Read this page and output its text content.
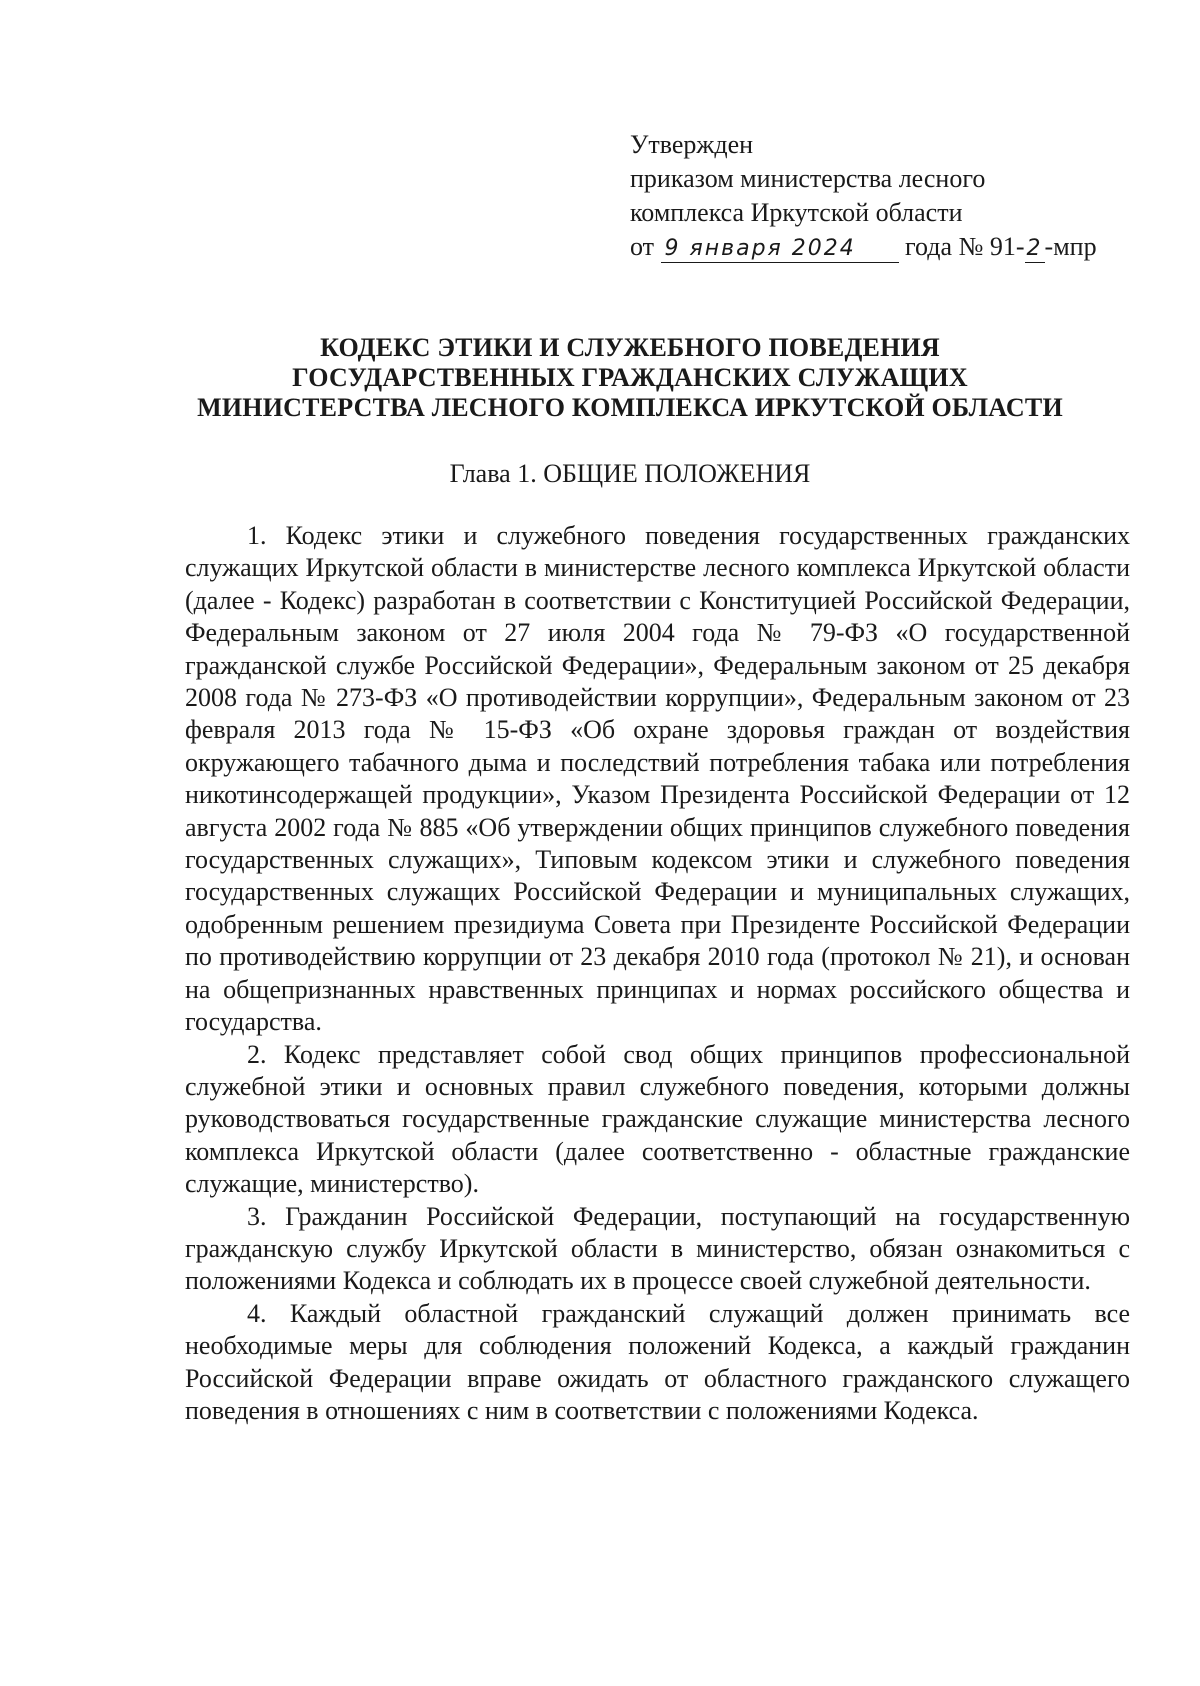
Утвержден
приказом министерства лесного
комплекса Иркутской области
от 9 января 2024 года № 91-2-мпр
КОДЕКС ЭТИКИ И СЛУЖЕБНОГО ПОВЕДЕНИЯ
ГОСУДАРСТВЕННЫХ ГРАЖДАНСКИХ СЛУЖАЩИХ
МИНИСТЕРСТВА ЛЕСНОГО КОМПЛЕКСА ИРКУТСКОЙ ОБЛАСТИ
Глава 1. ОБЩИЕ ПОЛОЖЕНИЯ

1. Кодекс этики и служебного поведения государственных гражданских служащих Иркутской области в министерстве лесного комплекса Иркутской области (далее - Кодекс) разработан в соответствии с Конституцией Российской Федерации, Федеральным законом от 27 июля 2004 года № 79-ФЗ «О государственной гражданской службе Российской Федерации», Федеральным законом от 25 декабря 2008 года № 273-ФЗ «О противодействии коррупции», Федеральным законом от 23 февраля 2013 года № 15-ФЗ «Об охране здоровья граждан от воздействия окружающего табачного дыма и последствий потребления табака или потребления никотинсодержащей продукции», Указом Президента Российской Федерации от 12 августа 2002 года № 885 «Об утверждении общих принципов служебного поведения государственных служащих», Типовым кодексом этики и служебного поведения государственных служащих Российской Федерации и муниципальных служащих, одобренным решением президиума Совета при Президенте Российской Федерации по противодействию коррупции от 23 декабря 2010 года (протокол № 21), и основан на общепризнанных нравственных принципах и нормах российского общества и государства.

2. Кодекс представляет собой свод общих принципов профессиональной служебной этики и основных правил служебного поведения, которыми должны руководствоваться государственные гражданские служащие министерства лесного комплекса Иркутской области (далее соответственно - областные гражданские служащие, министерство).

3. Гражданин Российской Федерации, поступающий на государственную гражданскую службу Иркутской области в министерство, обязан ознакомиться с положениями Кодекса и соблюдать их в процессе своей служебной деятельности.

4. Каждый областной гражданский служащий должен принимать все необходимые меры для соблюдения положений Кодекса, а каждый гражданин Российской Федерации вправе ожидать от областного гражданского служащего поведения в отношениях с ним в соответствии с положениями Кодекса.
